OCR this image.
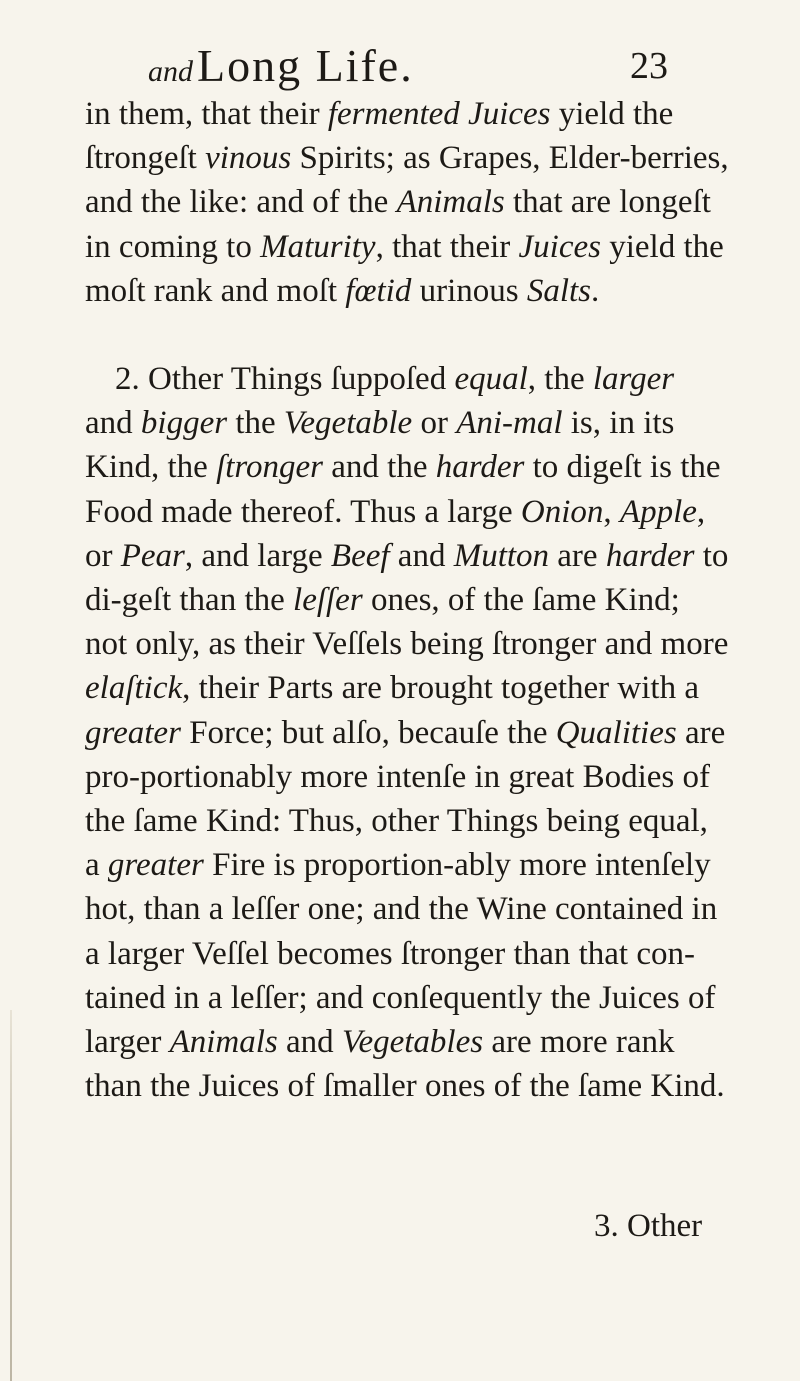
andLong Life.	23

in them, that their fermented Juices yield the ſtrongeſt vinous Spirits; as Grapes, Elder-berries, and the like: and of the Animals that are longeſt in coming to Maturity, that their Juices yield the moſt rank and moſt fœtid urinous Salts.

2. Other Things ſuppoſed equal, the larger and bigger the Vegetable or Ani-mal is, in its Kind, the ſtronger and the harder to digeſt is the Food made thereof. Thus a large Onion, Apple, or Pear, and large Beef and Mutton are harder to di-geſt than the leſſer ones, of the ſame Kind; not only, as their Veſſels being ſtronger and more elaſtick, their Parts are brought together with a greater Force; but alſo, becauſe the Qualities are pro-portionably more intenſe in great Bodies of the ſame Kind: Thus, other Things being equal, a greater Fire is proportion-ably more intenſely hot, than a leſſer one; and the Wine contained in a larger Veſſel becomes ſtronger than that con-tained in a leſſer; and conſequently the Juices of larger Animals and Vegetables are more rank than the Juices of ſmaller ones of the ſame Kind.

3. Other
